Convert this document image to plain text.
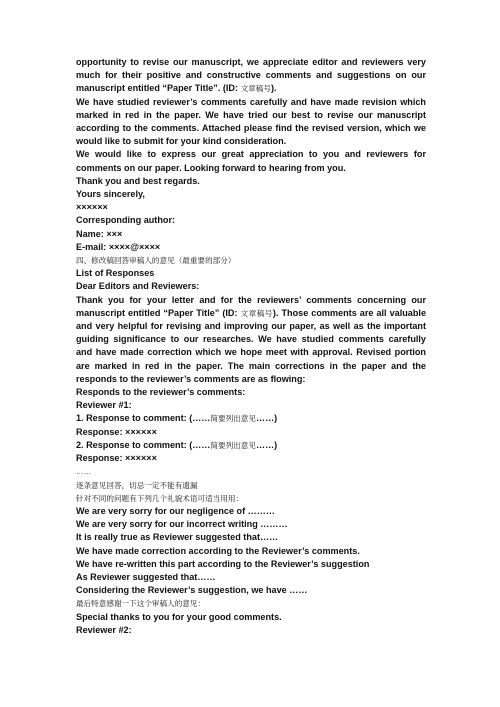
opportunity to revise our manuscript, we appreciate editor and reviewers very much for their positive and constructive comments and suggestions on our manuscript entitled “Paper Title”. (ID: 文章稿号).

We have studied reviewer’s comments carefully and have made revision which marked in red in the paper. We have tried our best to revise our manuscript according to the comments. Attached please find the revised version, which we would like to submit for your kind consideration.

We would like to express our great appreciation to you and reviewers for comments on our paper. Looking forward to hearing from you.

Thank you and best regards.
Yours sincerely,
××××××
Corresponding author:
Name: ×××
E-mail: ××××@××××
四、修改稿回答审稿人的意见（最重要的部分）
List of Responses
Dear Editors and Reviewers:

Thank you for your letter and for the reviewers’ comments concerning our manuscript entitled “Paper Title” (ID: 文章稿号). Those comments are all valuable and very helpful for revising and improving our paper, as well as the important guiding significance to our researches. We have studied comments carefully and have made correction which we hope meet with approval. Revised portion are marked in red in the paper. The main corrections in the paper and the responds to the reviewer’s comments are as flowing:

Responds to the reviewer’s comments:
Reviewer #1:
1. Response to comment: (……简要列出意见……)
Response: ××××××
2. Response to comment: (……简要列出意见……)
Response: ××××××
……
逐条意见回答，切忌一定不能有遗漏
针对不同的问题有下列几个礼貌术语可适当用用：
We are very sorry for our negligence of ………
We are very sorry for our incorrect writing ………
It is really true as Reviewer suggested that……
We have made correction according to the Reviewer’s comments.
We have re-written this part according to the Reviewer’s suggestion
As Reviewer suggested that……
Considering the Reviewer’s suggestion, we have ……
最后特意感谢一下这个审稿人的意见：
Special thanks to you for your good comments.
Reviewer #2:
